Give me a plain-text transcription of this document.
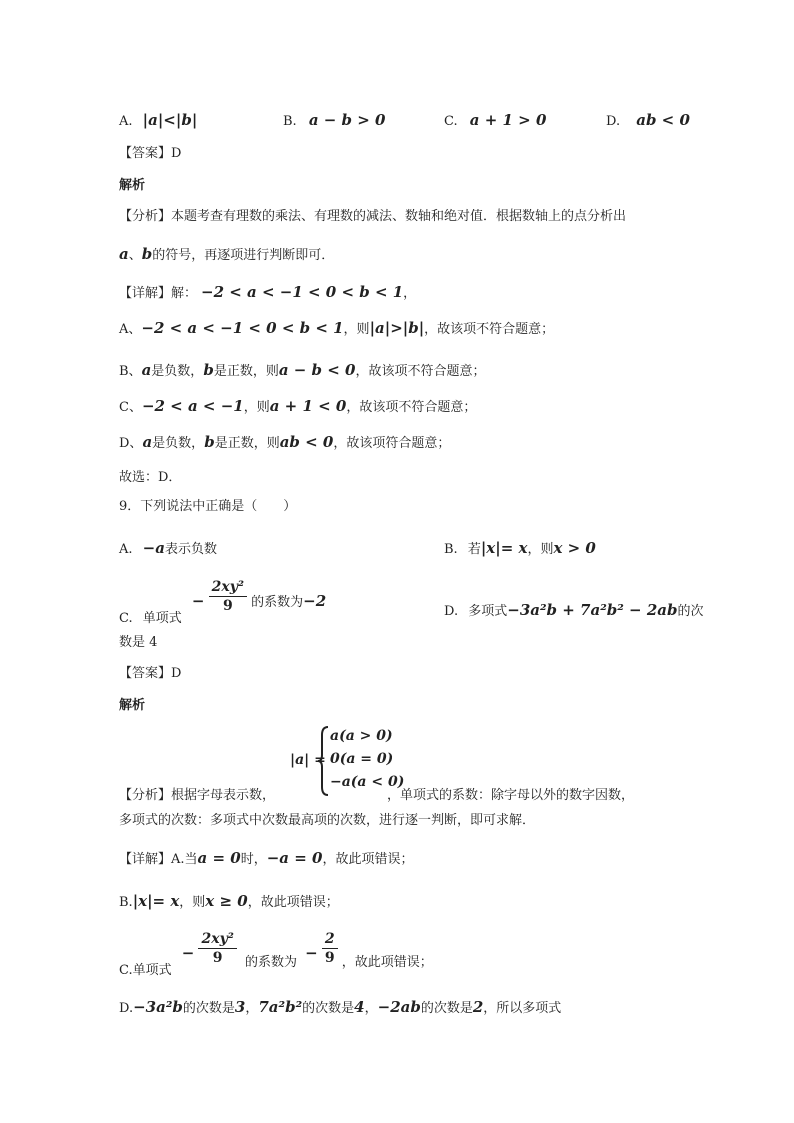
A. |a|<|b|	B. a − b > 0	C. a + 1 > 0	D. ab < 0
【答案】D
解析
【分析】本题考查有理数的乘法、有理数的减法、数轴和绝对值．根据数轴上的点分析出
a、b的符号，再逐项进行判断即可．
【详解】解： −2 < a < −1 < 0 < b < 1，
A、−2 < a < −1 < 0 < b < 1，则|a|>|b|，故该项不符合题意；
B、a是负数，b是正数，则a − b < 0，故该项不符合题意；
C、−2 < a < −1，则a + 1 < 0，故该项不符合题意；
D、a是负数，b是正数，则ab < 0，故该项符合题意；
故选：D．
9．下列说法中正确是（　　）
A. −a表示负数	B. 若|x|= x，则x > 0
C. 单项式 − $\frac{\text{2xy²}}{9}$ 的系数为−2
D. 多项式−3a²b + 7a²b² − 2ab的次
数是 4
【答案】D
解析
|a| =
a(a > 0)
0(a = 0)
−a(a < 0)
【分析】根据字母表示数，	，单项式的系数：除字母以外的数字因数，
多项式的次数：多项式中次数最高项的次数，进行逐一判断，即可求解．
【详解】A.当a = 0时，−a = 0，故此项错误；
B.|x|= x，则x ≥ 0，故此项错误；
C.单项式 − $\frac{\text{2xy²}}{9}$ 的系数为 − $\frac{2}{9}$ ，故此项错误；
D.−3a²b的次数是3，7a²b²的次数是4，−2ab的次数是2，所以多项式
